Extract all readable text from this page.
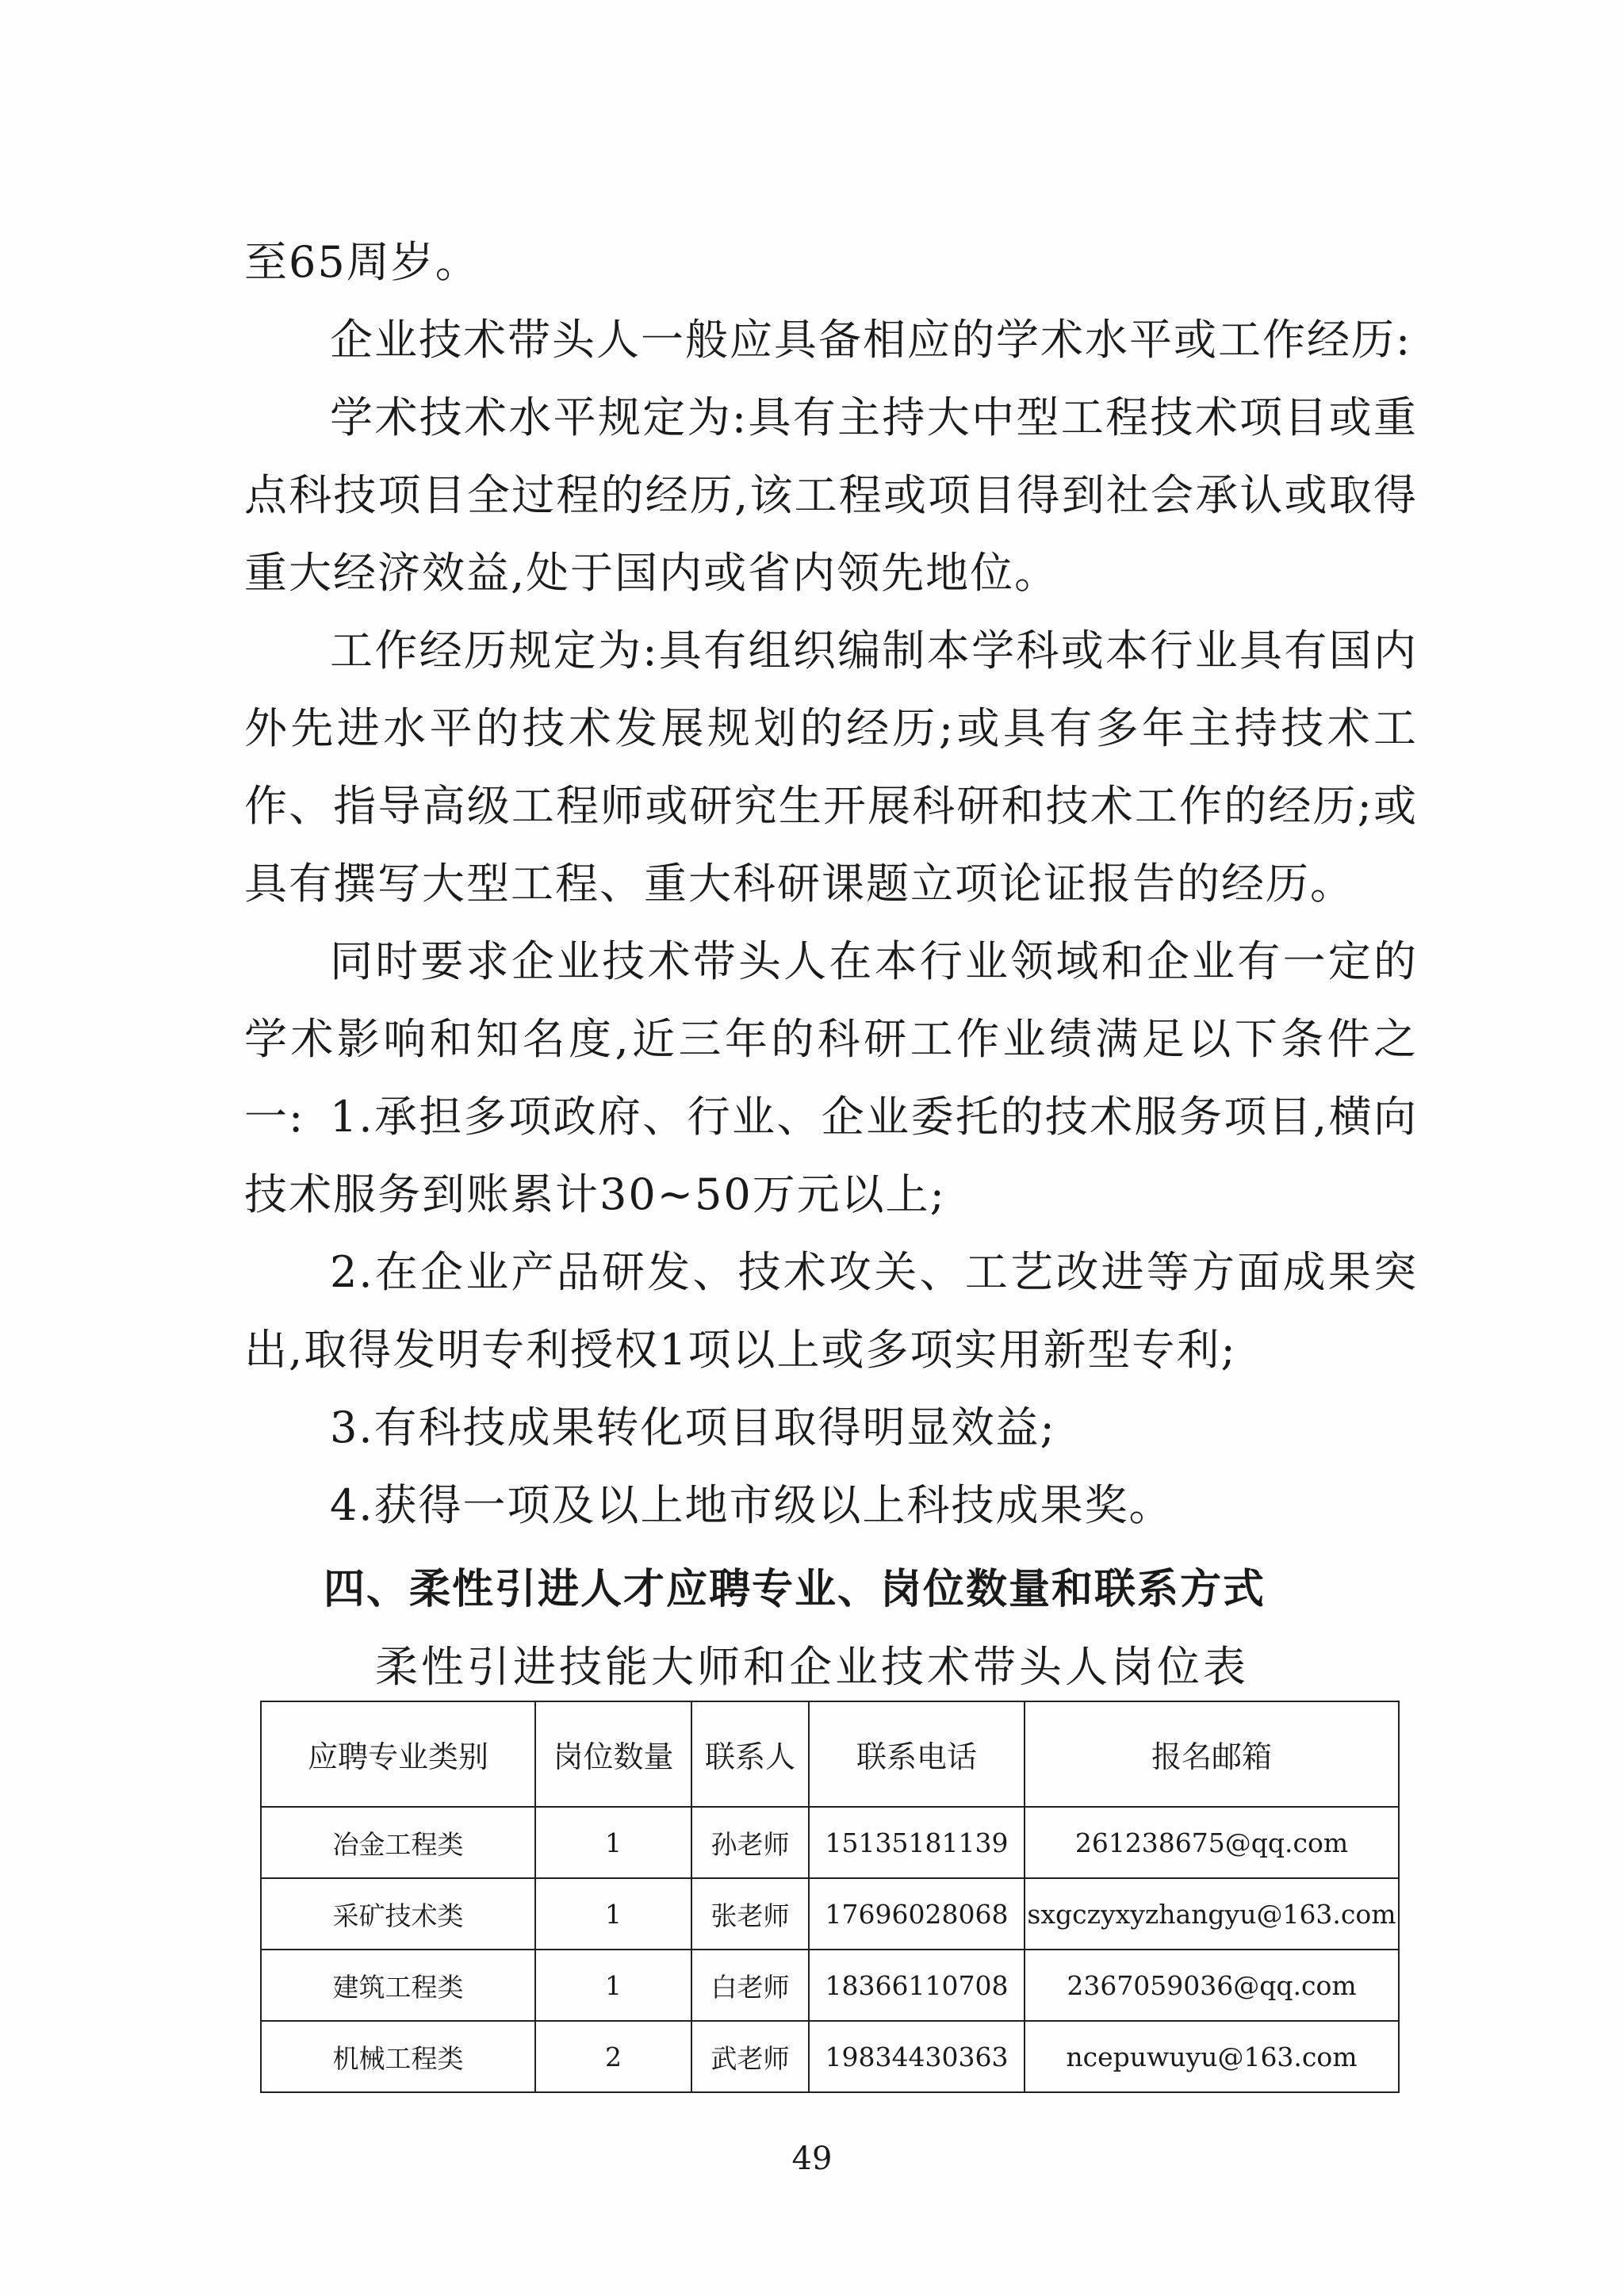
至65周岁。

企业技术带头人一般应具备相应的学术水平或工作经历:

学术技术水平规定为:具有主持大中型工程技术项目或重点科技项目全过程的经历,该工程或项目得到社会承认或取得重大经济效益,处于国内或省内领先地位。

工作经历规定为:具有组织编制本学科或本行业具有国内外先进水平的技术发展规划的经历;或具有多年主持技术工作、指导高级工程师或研究生开展科研和技术工作的经历;或具有撰写大型工程、重大科研课题立项论证报告的经历。

同时要求企业技术带头人在本行业领域和企业有一定的学术影响和知名度,近三年的科研工作业绩满足以下条件之一: 1.承担多项政府、行业、企业委托的技术服务项目,横向技术服务到账累计30~50万元以上;

2.在企业产品研发、技术攻关、工艺改进等方面成果突出,取得发明专利授权1项以上或多项实用新型专利;

3.有科技成果转化项目取得明显效益;

4.获得一项及以上地市级以上科技成果奖。

四、柔性引进人才应聘专业、岗位数量和联系方式

柔性引进技能大师和企业技术带头人岗位表

应聘专业类别	岗位数量	联系人	联系电话	报名邮箱
冶金工程类	1	孙老师	15135181139	261238675@qq.com
采矿技术类	1	张老师	17696028068	sxgczyxyzhangyu@163.com
建筑工程类	1	白老师	18366110708	2367059036@qq.com
机械工程类	2	武老师	19834430363	ncepuwuyu@163.com

49
